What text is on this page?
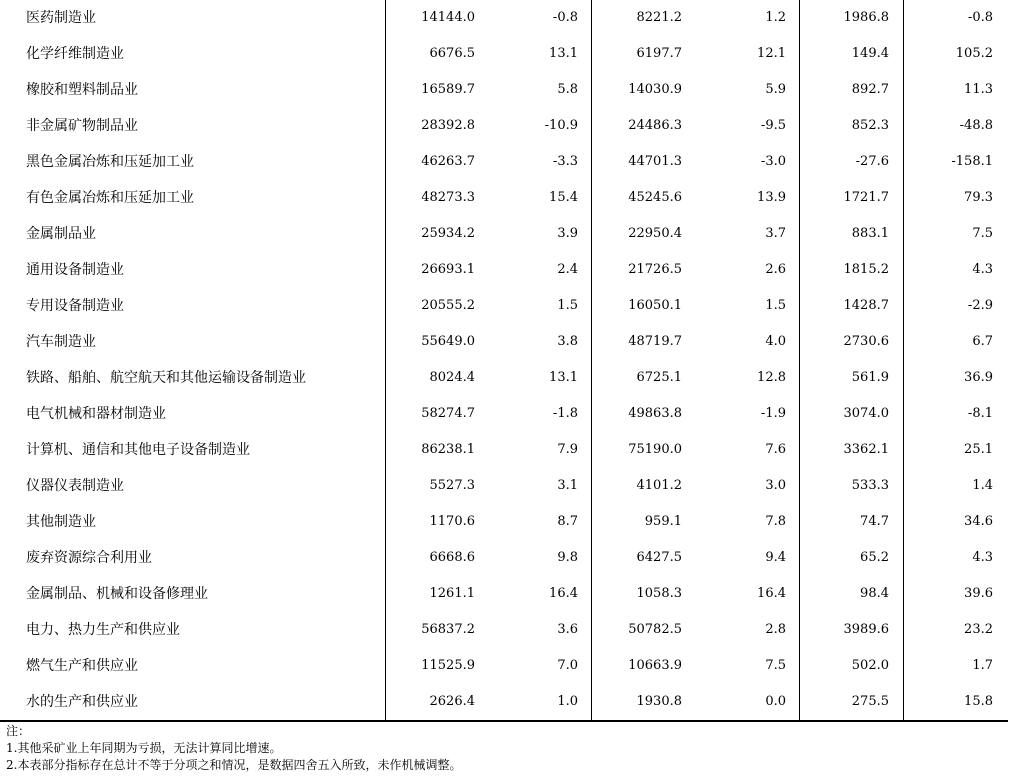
医药制造业	14144.0	-0.8	8221.2	1.2	1986.8	-0.8
化学纤维制造业	6676.5	13.1	6197.7	12.1	149.4	105.2
橡胶和塑料制品业	16589.7	5.8	14030.9	5.9	892.7	11.3
非金属矿物制品业	28392.8	-10.9	24486.3	-9.5	852.3	-48.8
黑色金属冶炼和压延加工业	46263.7	-3.3	44701.3	-3.0	-27.6	-158.1
有色金属冶炼和压延加工业	48273.3	15.4	45245.6	13.9	1721.7	79.3
金属制品业	25934.2	3.9	22950.4	3.7	883.1	7.5
通用设备制造业	26693.1	2.4	21726.5	2.6	1815.2	4.3
专用设备制造业	20555.2	1.5	16050.1	1.5	1428.7	-2.9
汽车制造业	55649.0	3.8	48719.7	4.0	2730.6	6.7
铁路、船舶、航空航天和其他运输设备制造业	8024.4	13.1	6725.1	12.8	561.9	36.9
电气机械和器材制造业	58274.7	-1.8	49863.8	-1.9	3074.0	-8.1
计算机、通信和其他电子设备制造业	86238.1	7.9	75190.0	7.6	3362.1	25.1
仪器仪表制造业	5527.3	3.1	4101.2	3.0	533.3	1.4
其他制造业	1170.6	8.7	959.1	7.8	74.7	34.6
废弃资源综合利用业	6668.6	9.8	6427.5	9.4	65.2	4.3
金属制品、机械和设备修理业	1261.1	16.4	1058.3	16.4	98.4	39.6
电力、热力生产和供应业	56837.2	3.6	50782.5	2.8	3989.6	23.2
燃气生产和供应业	11525.9	7.0	10663.9	7.5	502.0	1.7
水的生产和供应业	2626.4	1.0	1930.8	0.0	275.5	15.8
注：
1.其他采矿业上年同期为亏损，无法计算同比增速。
2.本表部分指标存在总计不等于分项之和情况，是数据四舍五入所致，未作机械调整。
